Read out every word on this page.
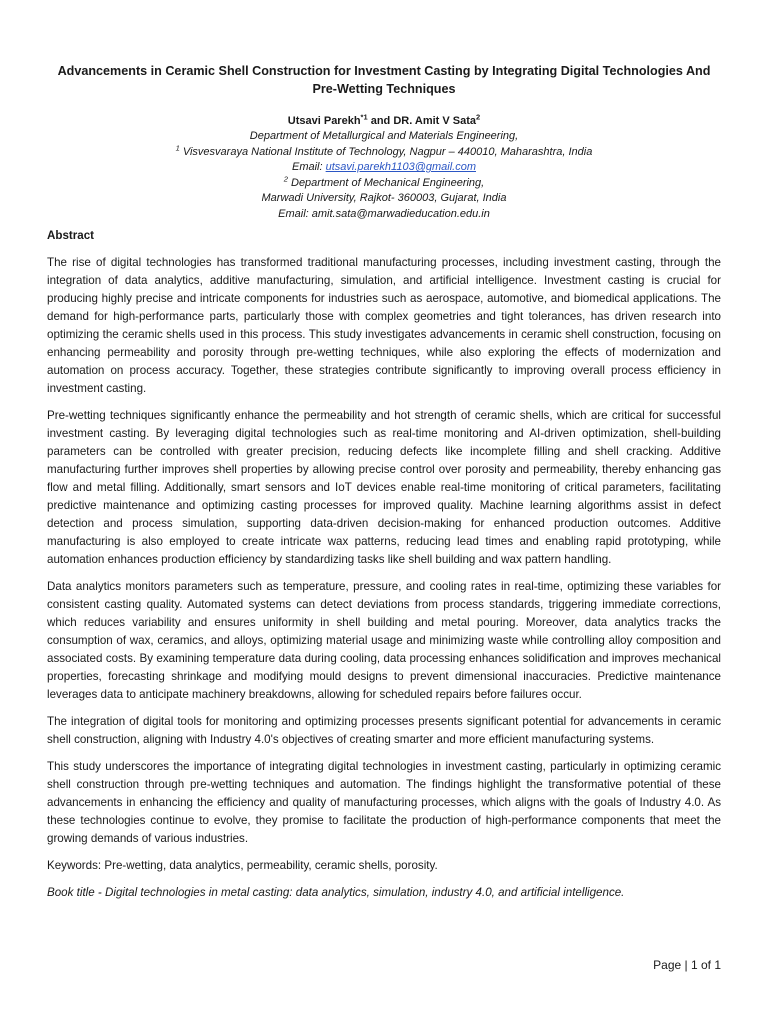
Advancements in Ceramic Shell Construction for Investment Casting by Integrating Digital Technologies And Pre-Wetting Techniques

Utsavi Parekh$^{*1}$ and DR. Amit V Sata$^2$

Department of Metallurgical and Materials Engineering,

$^1$ Visvesvaraya National Institute of Technology, Nagpur – 440010, Maharashtra, India

Email: utsavi.parekh1103@gmail.com

$^2$ Department of Mechanical Engineering,

Marwadi University, Rajkot- 360003, Gujarat, India

Email: amit.sata@marwadieducation.edu.in

Abstract

The rise of digital technologies has transformed traditional manufacturing processes, including investment casting, through the integration of data analytics, additive manufacturing, simulation, and artificial intelligence. Investment casting is crucial for producing highly precise and intricate components for industries such as aerospace, automotive, and biomedical applications. The demand for high-performance parts, particularly those with complex geometries and tight tolerances, has driven research into optimizing the ceramic shells used in this process. This study investigates advancements in ceramic shell construction, focusing on enhancing permeability and porosity through pre-wetting techniques, while also exploring the effects of modernization and automation on process accuracy. Together, these strategies contribute significantly to improving overall process efficiency in investment casting.

Pre-wetting techniques significantly enhance the permeability and hot strength of ceramic shells, which are critical for successful investment casting. By leveraging digital technologies such as real-time monitoring and AI-driven optimization, shell-building parameters can be controlled with greater precision, reducing defects like incomplete filling and shell cracking. Additive manufacturing further improves shell properties by allowing precise control over porosity and permeability, thereby enhancing gas flow and metal filling. Additionally, smart sensors and IoT devices enable real-time monitoring of critical parameters, facilitating predictive maintenance and optimizing casting processes for improved quality. Machine learning algorithms assist in defect detection and process simulation, supporting data-driven decision-making for enhanced production outcomes. Additive manufacturing is also employed to create intricate wax patterns, reducing lead times and enabling rapid prototyping, while automation enhances production efficiency by standardizing tasks like shell building and wax pattern handling.

Data analytics monitors parameters such as temperature, pressure, and cooling rates in real-time, optimizing these variables for consistent casting quality. Automated systems can detect deviations from process standards, triggering immediate corrections, which reduces variability and ensures uniformity in shell building and metal pouring. Moreover, data analytics tracks the consumption of wax, ceramics, and alloys, optimizing material usage and minimizing waste while controlling alloy composition and associated costs. By examining temperature data during cooling, data processing enhances solidification and improves mechanical properties, forecasting shrinkage and modifying mould designs to prevent dimensional inaccuracies. Predictive maintenance leverages data to anticipate machinery breakdowns, allowing for scheduled repairs before failures occur.

The integration of digital tools for monitoring and optimizing processes presents significant potential for advancements in ceramic shell construction, aligning with Industry 4.0's objectives of creating smarter and more efficient manufacturing systems.

This study underscores the importance of integrating digital technologies in investment casting, particularly in optimizing ceramic shell construction through pre-wetting techniques and automation. The findings highlight the transformative potential of these advancements in enhancing the efficiency and quality of manufacturing processes, which aligns with the goals of Industry 4.0. As these technologies continue to evolve, they promise to facilitate the production of high-performance components that meet the growing demands of various industries.

Keywords: Pre-wetting, data analytics, permeability, ceramic shells, porosity.

Book title - Digital technologies in metal casting: data analytics, simulation, industry 4.0, and artificial intelligence.

Page | 1 of 1
